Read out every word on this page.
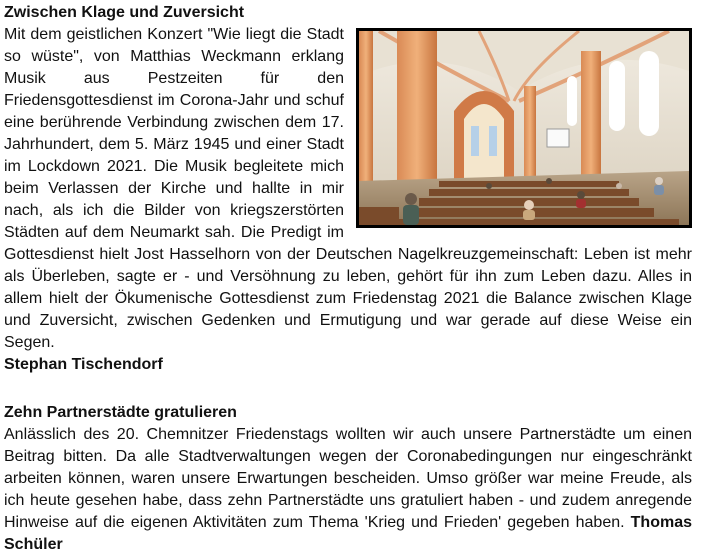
Zwischen Klage und Zuversicht

Mit dem geistlichen Konzert "Wie liegt die Stadt so wüste", von Matthias Weckmann erklang Musik aus Pestzeiten für den Friedensgottesdienst im Corona-Jahr und schuf eine berührende Verbindung zwischen dem 17. Jahrhundert, dem 5. März 1945 und einer Stadt im Lockdown 2021. Die Musik begleitete mich beim Verlassen der Kirche und hallte in mir nach, als ich die Bilder von kriegszerstörten Städten auf dem Neumarkt sah. Die Predigt im Gottesdienst hielt Jost Hasselhorn von der Deutschen Nagelkreuzgemeinschaft: Leben ist mehr als Überleben, sagte er - und Versöhnung zu leben, gehört für ihn zum Leben dazu. Alles in allem hielt der Ökumenische Gottesdienst zum Friedenstag 2021 die Balance zwischen Klage und Zuversicht, zwischen Gedenken und Ermutigung und war gerade auf diese Weise ein Segen.

Stephan Tischendorf
Zehn Partnerstädte gratulieren

Anlässlich des 20. Chemnitzer Friedenstags wollten wir auch unsere Partnerstädte um einen Beitrag bitten. Da alle Stadtverwaltungen wegen der Coronabedingungen nur eingeschränkt arbeiten können, waren unsere Erwartungen bescheiden. Umso größer war meine Freude, als ich heute gesehen habe, dass zehn Partnerstädte uns gratuliert haben - und zudem anregende Hinweise auf die eigenen Aktivitäten zum Thema 'Krieg und Frieden' gegeben haben. Thomas Schüler
